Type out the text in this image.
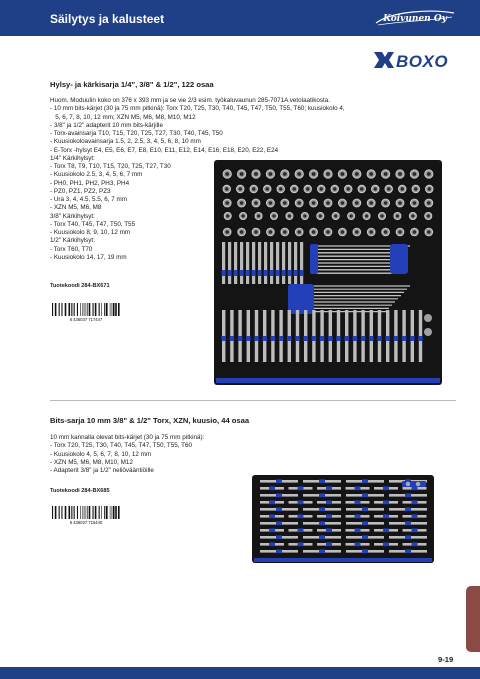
Säilytys ja kalusteet	Koivunen Oy
BOXO
Hylsy- ja kärkisarja 1/4", 3/8" & 1/2", 122 osaa
Huom. Moduulin koko on 376 x 393 mm ja se vie 2/3 esim. työkaluvaunun 285-7071A vetolaatikosta.
- 10 mm bits-kärjet (30 ja 75 mm pitkinä): Torx T20, T25, T30, T40, T45, T47, T50, T55, T60; kuusiokolo 4,
5, 6, 7, 8, 10, 12 mm; XZN M5, M6, M8, M10, M12
- 3/8" ja 1/2" adapterit 10 mm bits-kärjille
- Torx-avainsarja T10, T15, T20, T25, T27, T30, T40, T45, T50
- Kuusiokoloavainsarja 1.5, 2, 2.5, 3, 4, 5, 6, 8, 10 mm
- E-Torx -hylsyt E4, E5, E6, E7, E8, E10, E11, E12, E14, E16, E18, E20, E22, E24
1/4" Kärkihylsyt:
- Torx T8, T9, T10, T15, T20, T25, T27, T30
- Kuusiokolo 2.5, 3, 4, 5, 6, 7 mm
- PH0, PH1, PH2, PH3, PH4
- PZ0, PZ1, PZ2, PZ3
- Ura 3, 4, 4.5, 5.5, 6, 7 mm
- XZN M5, M6, M8
3/8" Kärkihylsyt:
- Torx T40, T45, T47, T50, T55
- Kuusiokolo 8, 9, 10, 12 mm
1/2" Kärkihylsyt:
- Torx T60, T70
- Kuusiokolo 14, 17, 19 mm
Tuotekoodi 284-BX671
6 436037 717447
Bits-sarja 10 mm 3/8" & 1/2" Torx, XZN, kuusio, 44 osaa
10 mm kannalla olevat bits-kärjet (30 ja 75 mm pitkinä):
- Torx T20, T25, T30, T40, T45, T47, T50, T55, T60
- Kuusiokolo 4, 5, 6, 7, 8, 10, 12 mm
- XZN M5, M6, M8, M10, M12
- Adapterit 3/8" ja 1/2" neliövääntiöille
Tuotekoodi 284-BX685
6 436037 716440
9-19
